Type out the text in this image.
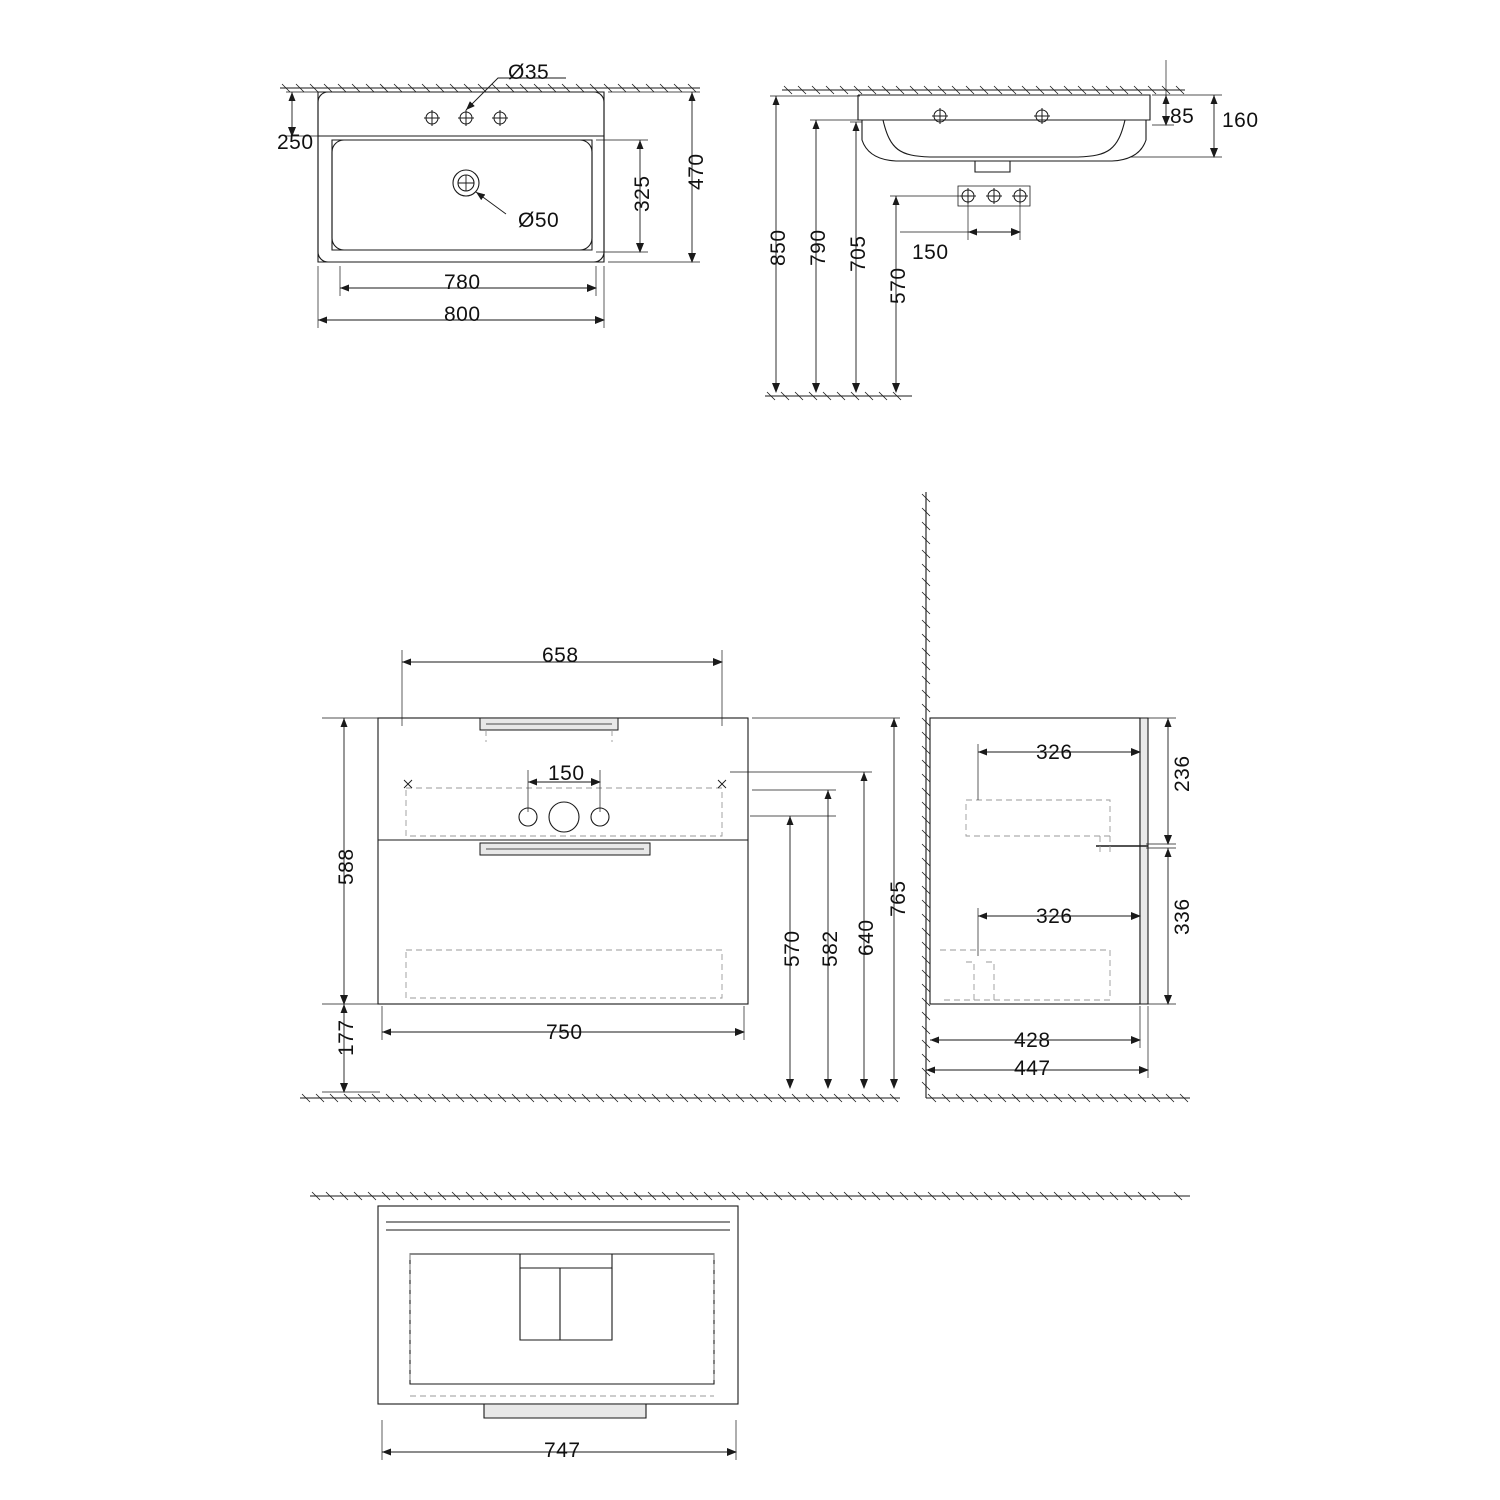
Ø35
250
Ø50
325
470
780
800
85 160
850 790 705 150
570
658
150
588
177	750
570 582 640
765
326
236
326	336
428
447
747
